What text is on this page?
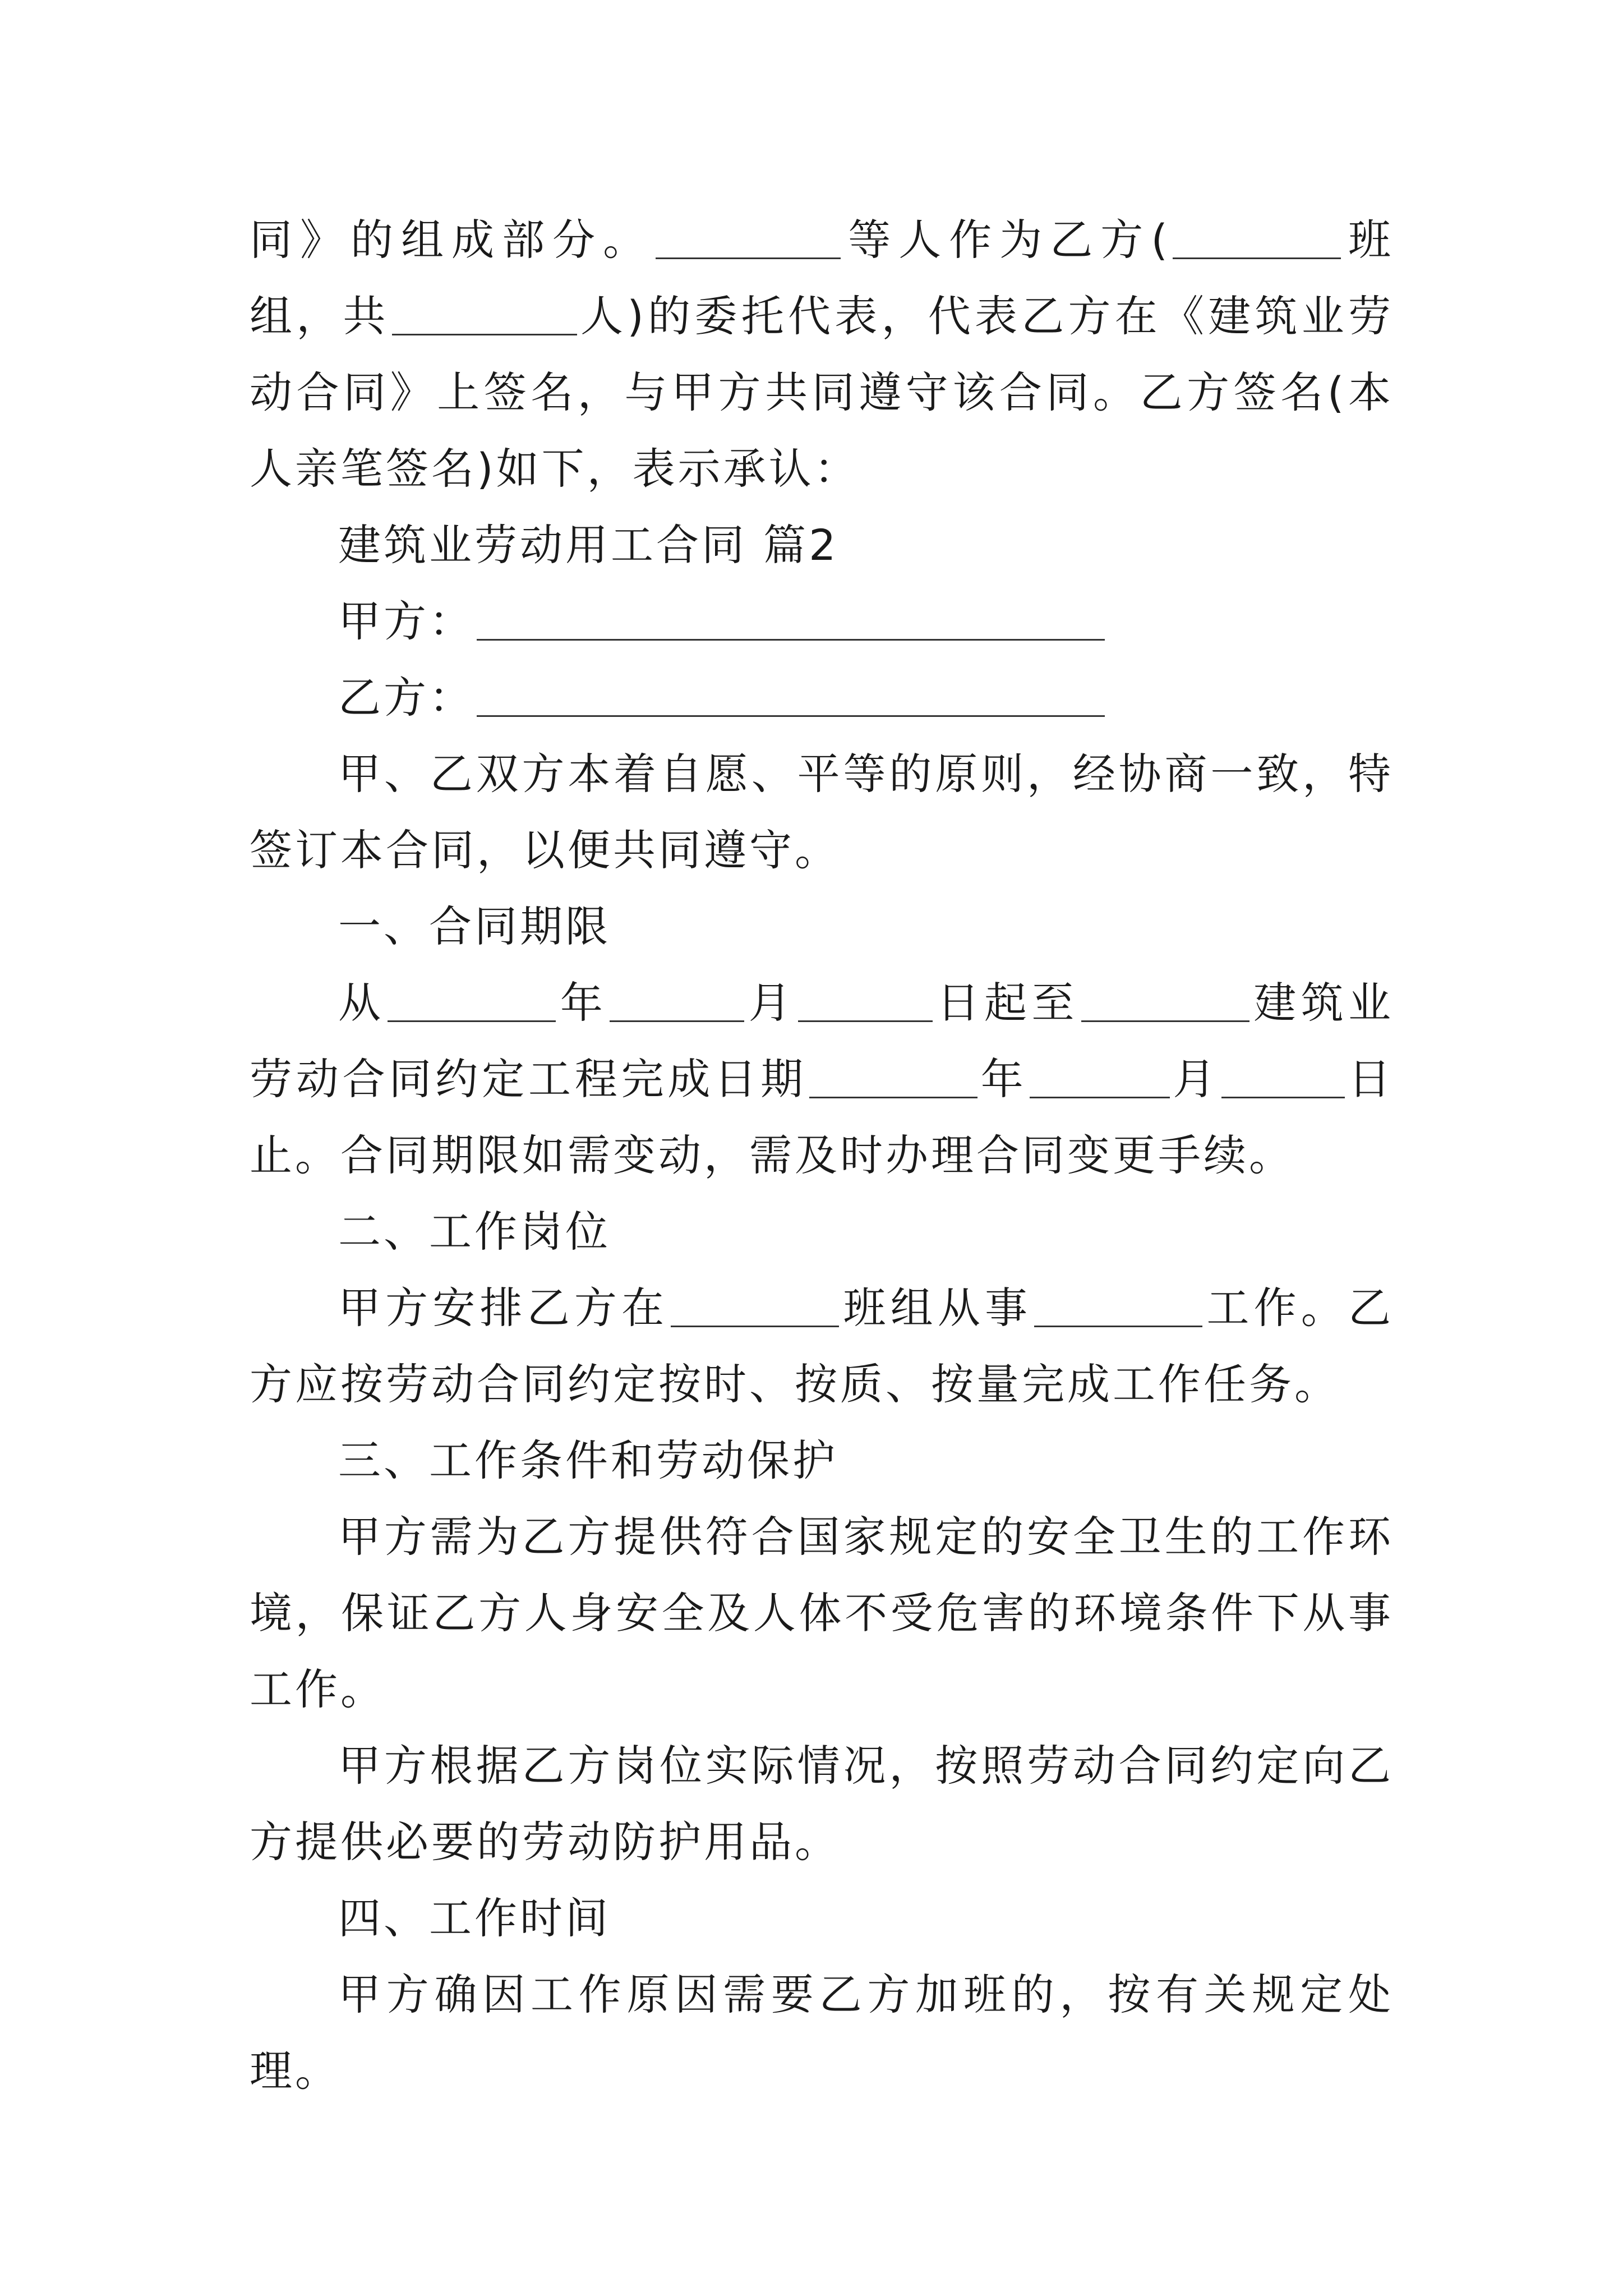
同》的组成部分。	等人作为乙方(	班组，共	人)的委托代表，代表乙方在《建筑业劳动合同》上签名，与甲方共同遵守该合同。乙方签名(本人亲笔签名)如下，表示承认：

建筑业劳动用工合同 篇2

甲方：

乙方：

甲、乙双方本着自愿、平等的原则，经协商一致，特签订本合同，以便共同遵守。

一、合同期限

从	年	月	日起至	建筑业劳动合同约定工程完成日期	年	月	日止。合同期限如需变动，需及时办理合同变更手续。

二、工作岗位

甲方安排乙方在	班组从事	工作。乙方应按劳动合同约定按时、按质、按量完成工作任务。

三、工作条件和劳动保护

甲方需为乙方提供符合国家规定的安全卫生的工作环境，保证乙方人身安全及人体不受危害的环境条件下从事工作。

甲方根据乙方岗位实际情况，按照劳动合同约定向乙方提供必要的劳动防护用品。

四、工作时间

甲方确因工作原因需要乙方加班的，按有关规定处理。
